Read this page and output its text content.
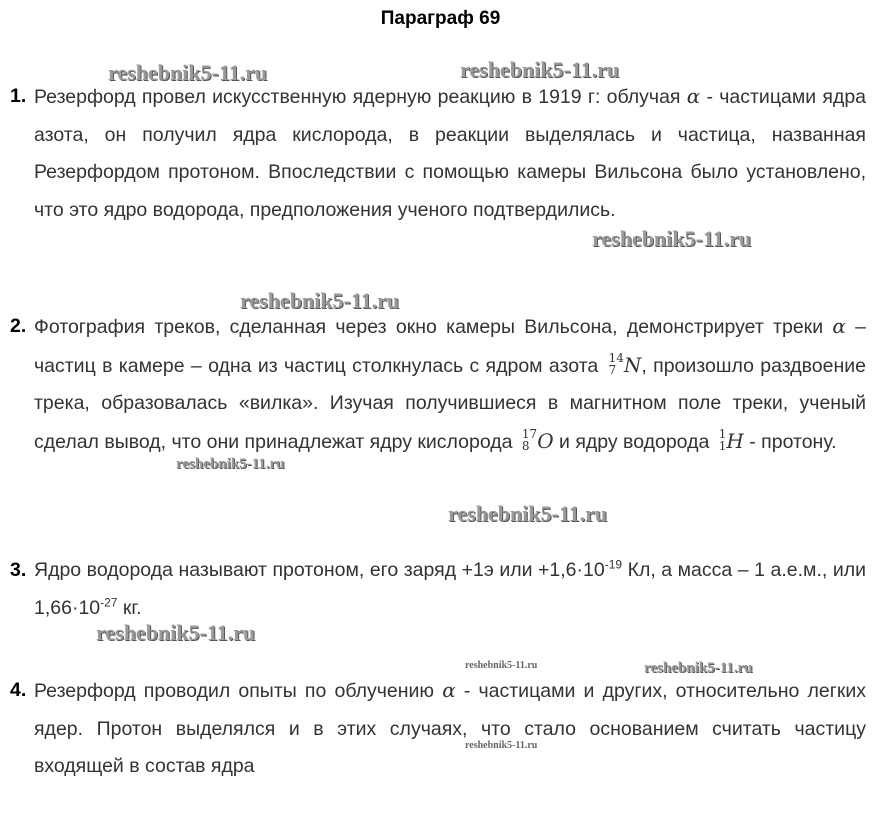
Параграф 69
1. Резерфорд провел искусственную ядерную реакцию в 1919 г: облучая α - частицами ядра азота, он получил ядра кислорода, в реакции выделялась и частица, названная Резерфордом протоном. Впоследствии с помощью камеры Вильсона было установлено, что это ядро водорода, предположения ученого подтвердились.
2. Фотография треков, сделанная через окно камеры Вильсона, демонстрирует треки α – частиц в камере – одна из частиц столкнулась с ядром азота 14
7 N, произошло раздвоение трека, образовалась «вилка». Изучая получившиеся в магнитном поле треки, ученый сделал вывод, что они принадлежат ядру кислорода 17
8 O и ядру водорода 1
1 H - протону.
3. Ядро водорода называют протоном, его заряд +1э или $+1,6\cdot 10^{-19}$ Кл, а масса – 1 а.е.м., или $1,66\cdot 10^{-27}$ кг.
4. Резерфорд проводил опыты по облучению α - частицами и других, относительно легких ядер. Протон выделялся и в этих случаях, что стало основанием считать частицу входящей в состав ядра
reshebnik5-11.ru	reshebnik5-11.ru
reshebnik5-11.ru
reshebnik5-11.ru
reshebnik5-11.ru
reshebnik5-11.ru
reshebnik5-11.ru
reshebnik5-11.ru	reshebnik5-11.ru
reshebnik5-11.ru
